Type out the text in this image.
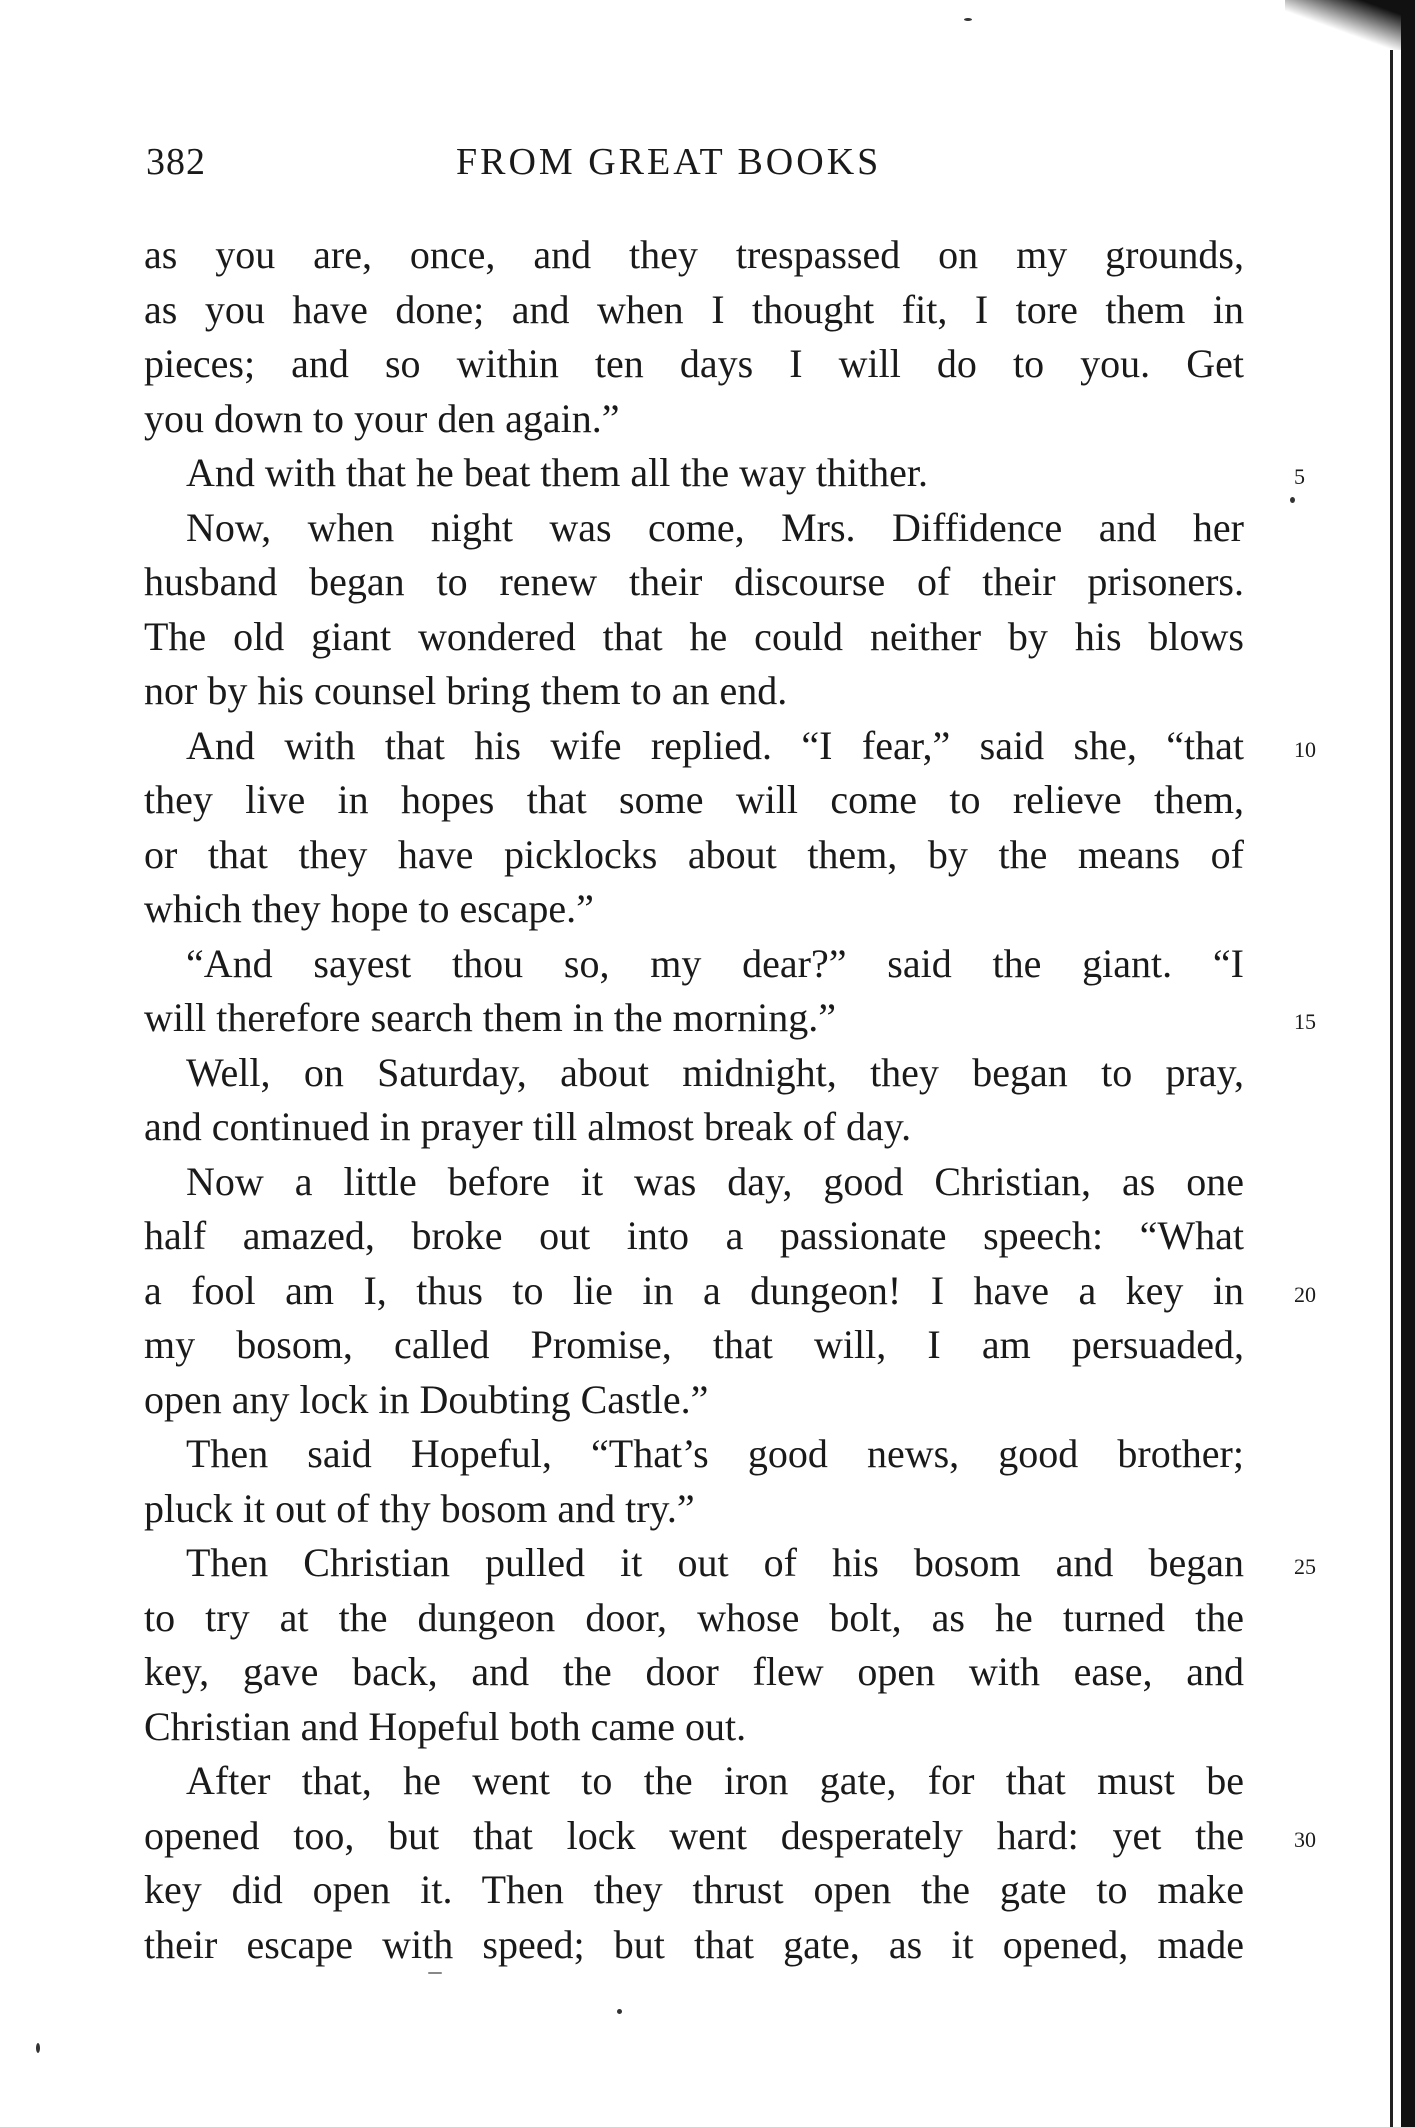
382	FROM GREAT BOOKS
as you are, once, and they trespassed on my grounds,
as you have done; and when I thought fit, I tore them in
pieces; and so within ten days I will do to you. Get
you down to your den again.”
And with that he beat them all the way thither.	5
Now, when night was come, Mrs. Diffidence and her
husband began to renew their discourse of their prisoners.
The old giant wondered that he could neither by his blows
nor by his counsel bring them to an end.
And with that his wife replied. “I fear,” said she, “that 10
they live in hopes that some will come to relieve them,
or that they have picklocks about them, by the means of
which they hope to escape.”
“And sayest thou so, my dear?” said the giant. “I
will therefore search them in the morning.”	15
Well, on Saturday, about midnight, they began to pray,
and continued in prayer till almost break of day.
Now a little before it was day, good Christian, as one
half amazed, broke out into a passionate speech: “What
a fool am I, thus to lie in a dungeon! I have a key in 20
my bosom, called Promise, that will, I am persuaded,
open any lock in Doubting Castle.”
Then said Hopeful, “That’s good news, good brother;
pluck it out of thy bosom and try.”
Then Christian pulled it out of his bosom and began 25
to try at the dungeon door, whose bolt, as he turned the
key, gave back, and the door flew open with ease, and
Christian and Hopeful both came out.
After that, he went to the iron gate, for that must be
opened too, but that lock went desperately hard: yet the 30
key did open it. Then they thrust open the gate to make
their escape with speed; but that gate, as it opened, made
